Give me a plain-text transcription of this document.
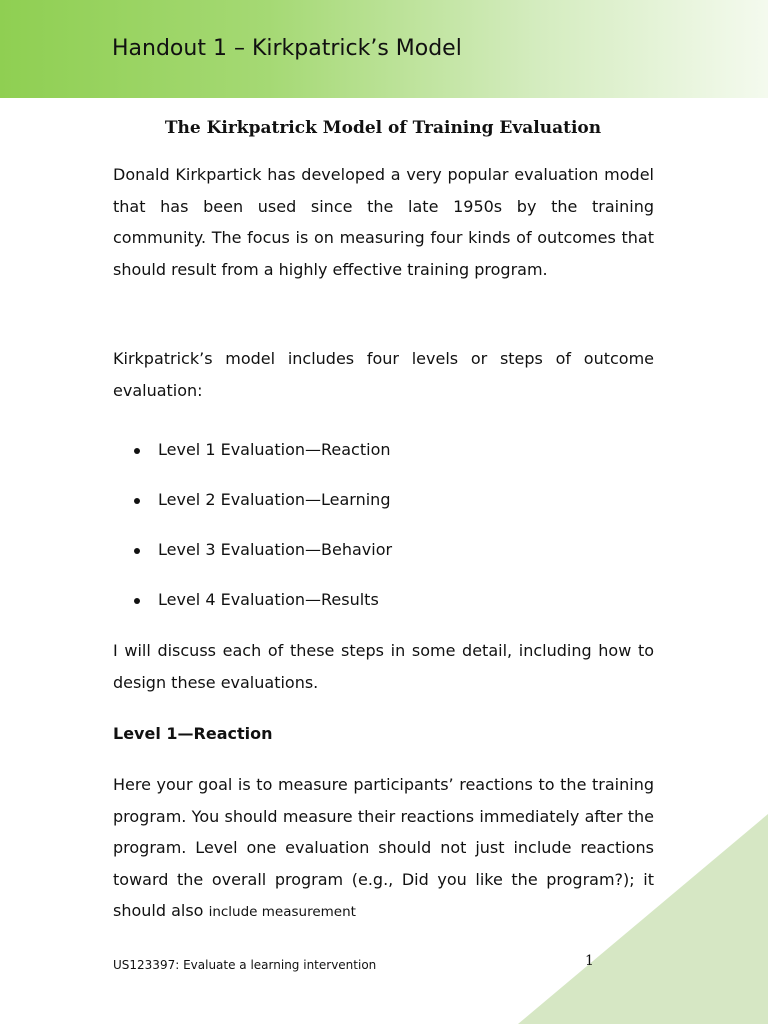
Handout 1 – Kirkpatrick’s Model
The Kirkpatrick Model of Training Evaluation

Donald Kirkpartick has developed a very popular evaluation model that has been used since the late 1950s by the training community. The focus is on measuring four kinds of outcomes that should result from a highly effective training program.

Kirkpatrick’s model includes four levels or steps of outcome evaluation:

Level 1 Evaluation—Reaction
Level 2 Evaluation—Learning
Level 3 Evaluation—Behavior
Level 4 Evaluation—Results

I will discuss each of these steps in some detail, including how to design these evaluations.

Level 1—Reaction

Here your goal is to measure participants’ reactions to the training program. You should measure their reactions immediately after the program. Level one evaluation should not just include reactions toward the overall program (e.g., Did you like the program?); it should also include measurement

US123397: Evaluate a learning intervention	1
